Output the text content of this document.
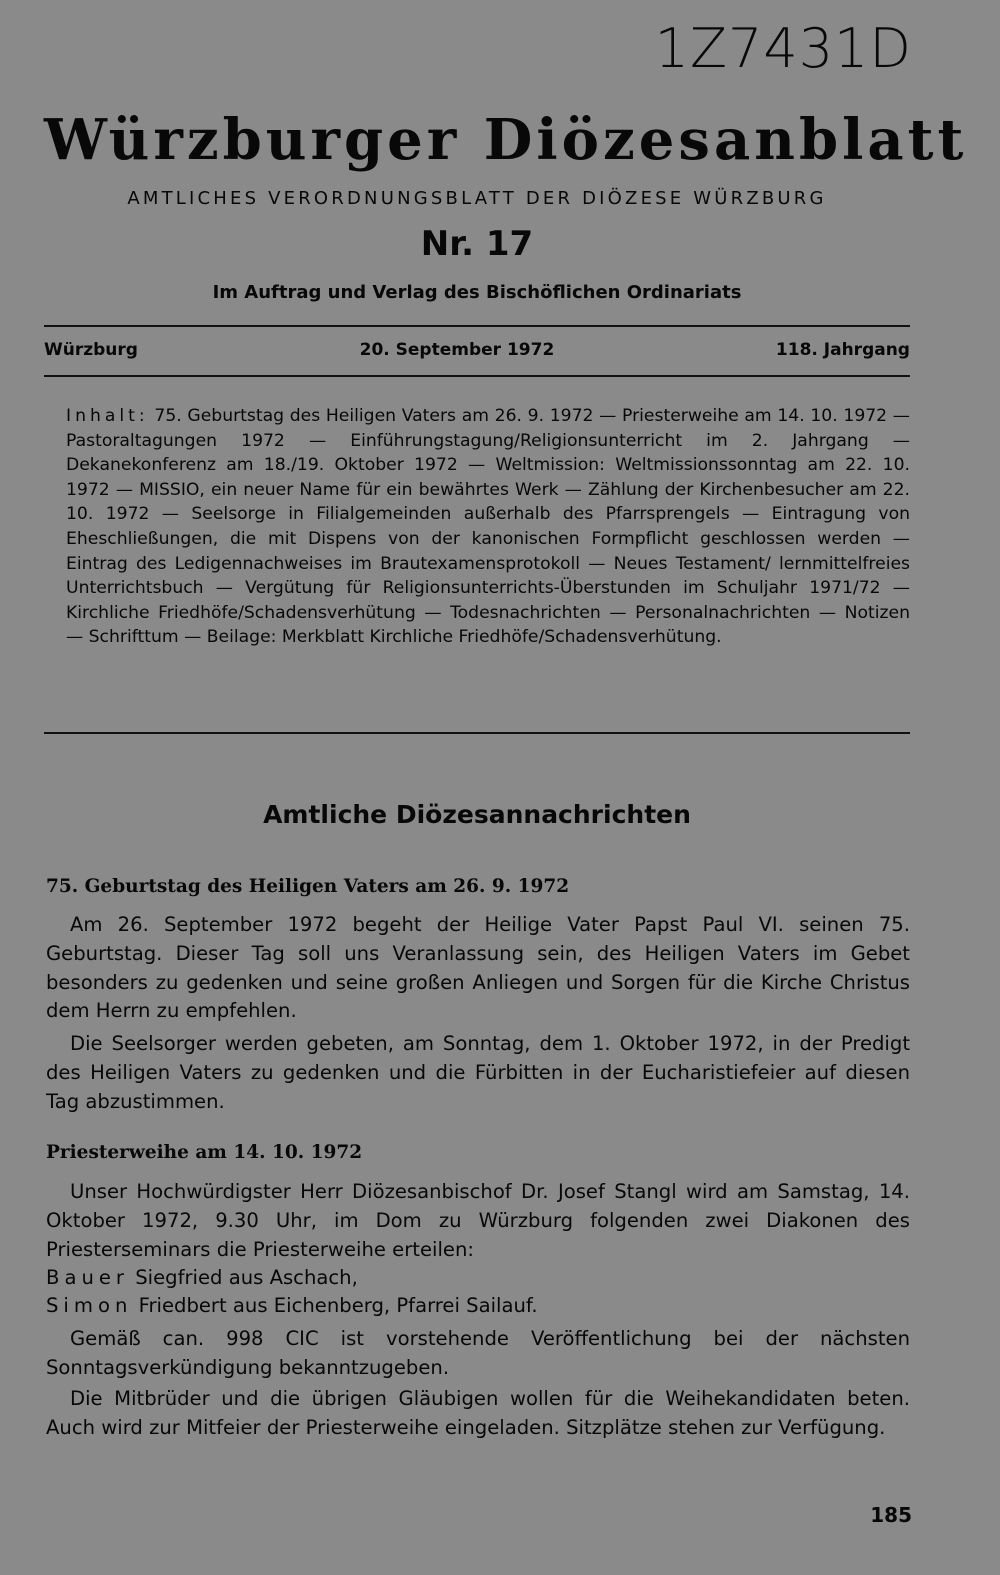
1Z7431D
Würzburger Diözesanblatt
AMTLICHES VERORDNUNGSBLATT DER DIÖZESE WÜRZBURG
Nr. 17
Im Auftrag und Verlag des Bischöflichen Ordinariats
Würzburg	20. September 1972	118. Jahrgang
Inhalt: 75. Geburtstag des Heiligen Vaters am 26. 9. 1972 — Priesterweihe am 14. 10. 1972 — Pastoraltagungen 1972 — Einführungstagung/Religionsunterricht im 2. Jahrgang — Dekanekonferenz am 18./19. Oktober 1972 — Weltmission: Weltmissionssonntag am 22. 10. 1972 — MISSIO, ein neuer Name für ein bewährtes Werk — Zählung der Kirchenbesucher am 22. 10. 1972 — Seelsorge in Filialgemeinden außerhalb des Pfarrsprengels — Eintragung von Eheschließungen, die mit Dispens von der kanonischen Formpflicht geschlossen werden — Eintrag des Ledigennachweises im Brautexamensprotokoll — Neues Testament/ lernmittelfreies Unterrichtsbuch — Vergütung für Religionsunterrichts-Überstunden im Schuljahr 1971/72 — Kirchliche Friedhöfe/Schadensverhütung — Todesnachrichten — Personalnachrichten — Notizen — Schrifttum — Beilage: Merkblatt Kirchliche Friedhöfe/Schadensverhütung.
Amtliche Diözesannachrichten
75. Geburtstag des Heiligen Vaters am 26. 9. 1972
Am 26. September 1972 begeht der Heilige Vater Papst Paul VI. seinen 75. Geburtstag. Dieser Tag soll uns Veranlassung sein, des Heiligen Vaters im Gebet besonders zu gedenken und seine großen Anliegen und Sorgen für die Kirche Christus dem Herrn zu empfehlen.
Die Seelsorger werden gebeten, am Sonntag, dem 1. Oktober 1972, in der Predigt des Heiligen Vaters zu gedenken und die Fürbitten in der Eucharistiefeier auf diesen Tag abzustimmen.
Priesterweihe am 14. 10. 1972
Unser Hochwürdigster Herr Diözesanbischof Dr. Josef Stangl wird am Samstag, 14. Oktober 1972, 9.30 Uhr, im Dom zu Würzburg folgenden zwei Diakonen des Priesterseminars die Priesterweihe erteilen:
Bauer Siegfried aus Aschach,
Simon Friedbert aus Eichenberg, Pfarrei Sailauf.
Gemäß can. 998 CIC ist vorstehende Veröffentlichung bei der nächsten Sonntagsverkündigung bekanntzugeben.
Die Mitbrüder und die übrigen Gläubigen wollen für die Weihekandidaten beten. Auch wird zur Mitfeier der Priesterweihe eingeladen. Sitzplätze stehen zur Verfügung.
185
